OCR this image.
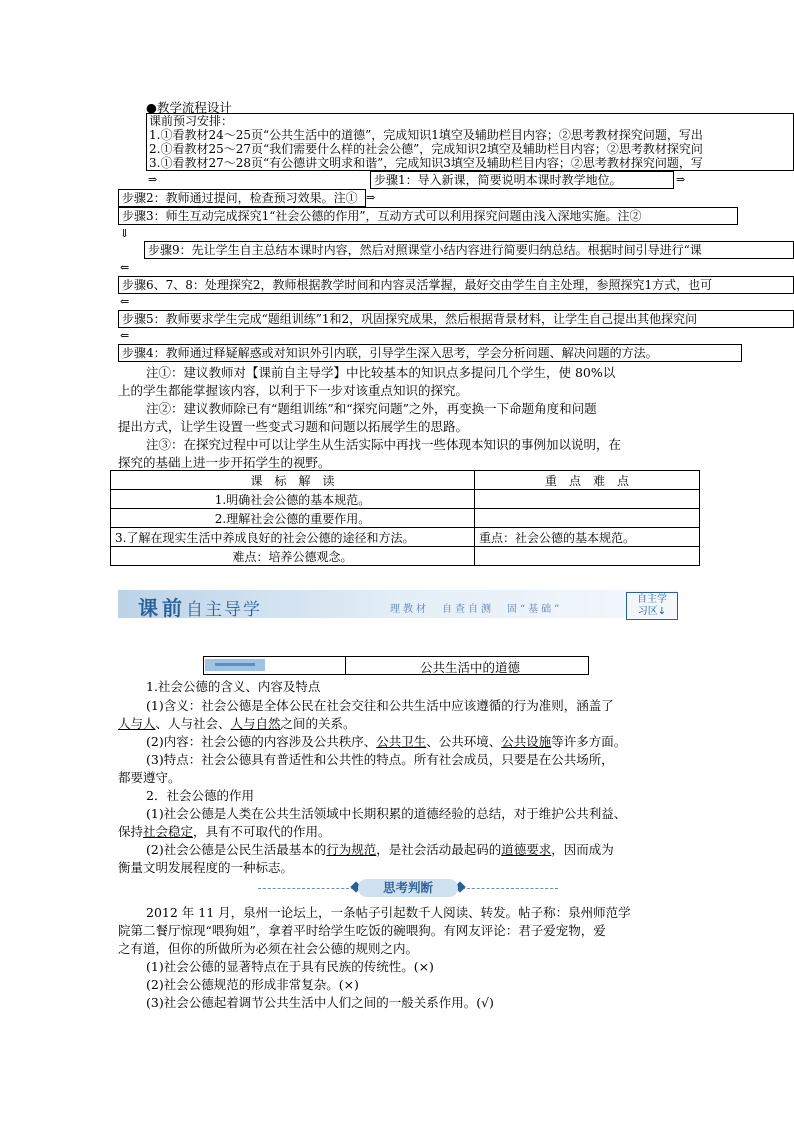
●教学流程设计
课前预习安排：
1.①看教材24～25页“公共生活中的道德”，完成知识1填空及辅助栏目内容；②思考教材探究问题，写出
2.①看教材25～27页“我们需要什么样的社会公德”，完成知识2填空及辅助栏目内容；②思考教材探究问
3.①看教材27～28页“有公德讲文明求和谐”，完成知识3填空及辅助栏目内容；②思考教材探究问题，写
⇒	步骤1：导入新课，简要说明本课时教学地位。	⇒
步骤2：教师通过提问，检查预习效果。注① ⇒
步骤3：师生互动完成探究1“社会公德的作用”，互动方式可以利用探究问题由浅入深地实施。注②
⇓
步骤9：先让学生自主总结本课时内容，然后对照课堂小结内容进行简要归纳总结。根据时间引导进行“课
⇐
步骤6、7、8：处理探究2，教师根据教学时间和内容灵活掌握，最好交由学生自主处理，参照探究1方式，也可
⇐
步骤5：教师要求学生完成“题组训练”1和2，巩固探究成果，然后根据背景材料，让学生自己提出其他探究问
⇐
步骤4：教师通过释疑解惑或对知识外引内联，引导学生深入思考，学会分析问题、解决问题的方法。
注①：建议教师对【课前自主导学】中比较基本的知识点多提问几个学生，使 80%以
上的学生都能掌握该内容，以利于下一步对该重点知识的探究。
注②：建议教师除已有“题组训练”和“探究问题”之外，再变换一下命题角度和问题
提出方式，让学生设置一些变式习题和问题以拓展学生的思路。
注③：在探究过程中可以让学生从生活实际中再找一些体现本知识的事例加以说明，在
探究的基础上进一步开拓学生的视野。
课　标　解　读	重　点　难　点
1.明确社会公德的基本规范。	
2.理解社会公德的重要作用。	
3.了解在现实生活中养成良好的社会公德的途径和方法。	重点：社会公德的基本规范。
难点：培养公德观念。	
课前自主导学	理教材　自查自测　固“基础”
自主学
习区↓
公共生活中的道德
1.社会公德的含义、内容及特点
(1)含义：社会公德是全体公民在社会交往和公共生活中应该遵循的行为准则，涵盖了
人与人、人与社会、人与自然之间的关系。
(2)内容：社会公德的内容涉及公共秩序、公共卫生、公共环境、公共设施等许多方面。
(3)特点：社会公德具有普适性和公共性的特点。所有社会成员，只要是在公共场所，
都要遵守。
2．社会公德的作用
(1)社会公德是人类在公共生活领域中长期积累的道德经验的总结，对于维护公共利益、
保持社会稳定，具有不可取代的作用。
(2)社会公德是公民生活最基本的行为规范，是社会活动最起码的道德要求，因而成为
衡量文明发展程度的一种标志。
思考判断
2012 年 11 月，泉州一论坛上，一条帖子引起数千人阅读、转发。帖子称：泉州师范学
院第二餐厅惊现“喂狗姐”，拿着平时给学生吃饭的碗喂狗。有网友评论：君子爱宠物，爱
之有道，但你的所做所为必须在社会公德的规则之内。
(1)社会公德的显著特点在于具有民族的传统性。(×)
(2)社会公德规范的形成非常复杂。(×)
(3)社会公德起着调节公共生活中人们之间的一般关系作用。(√)
